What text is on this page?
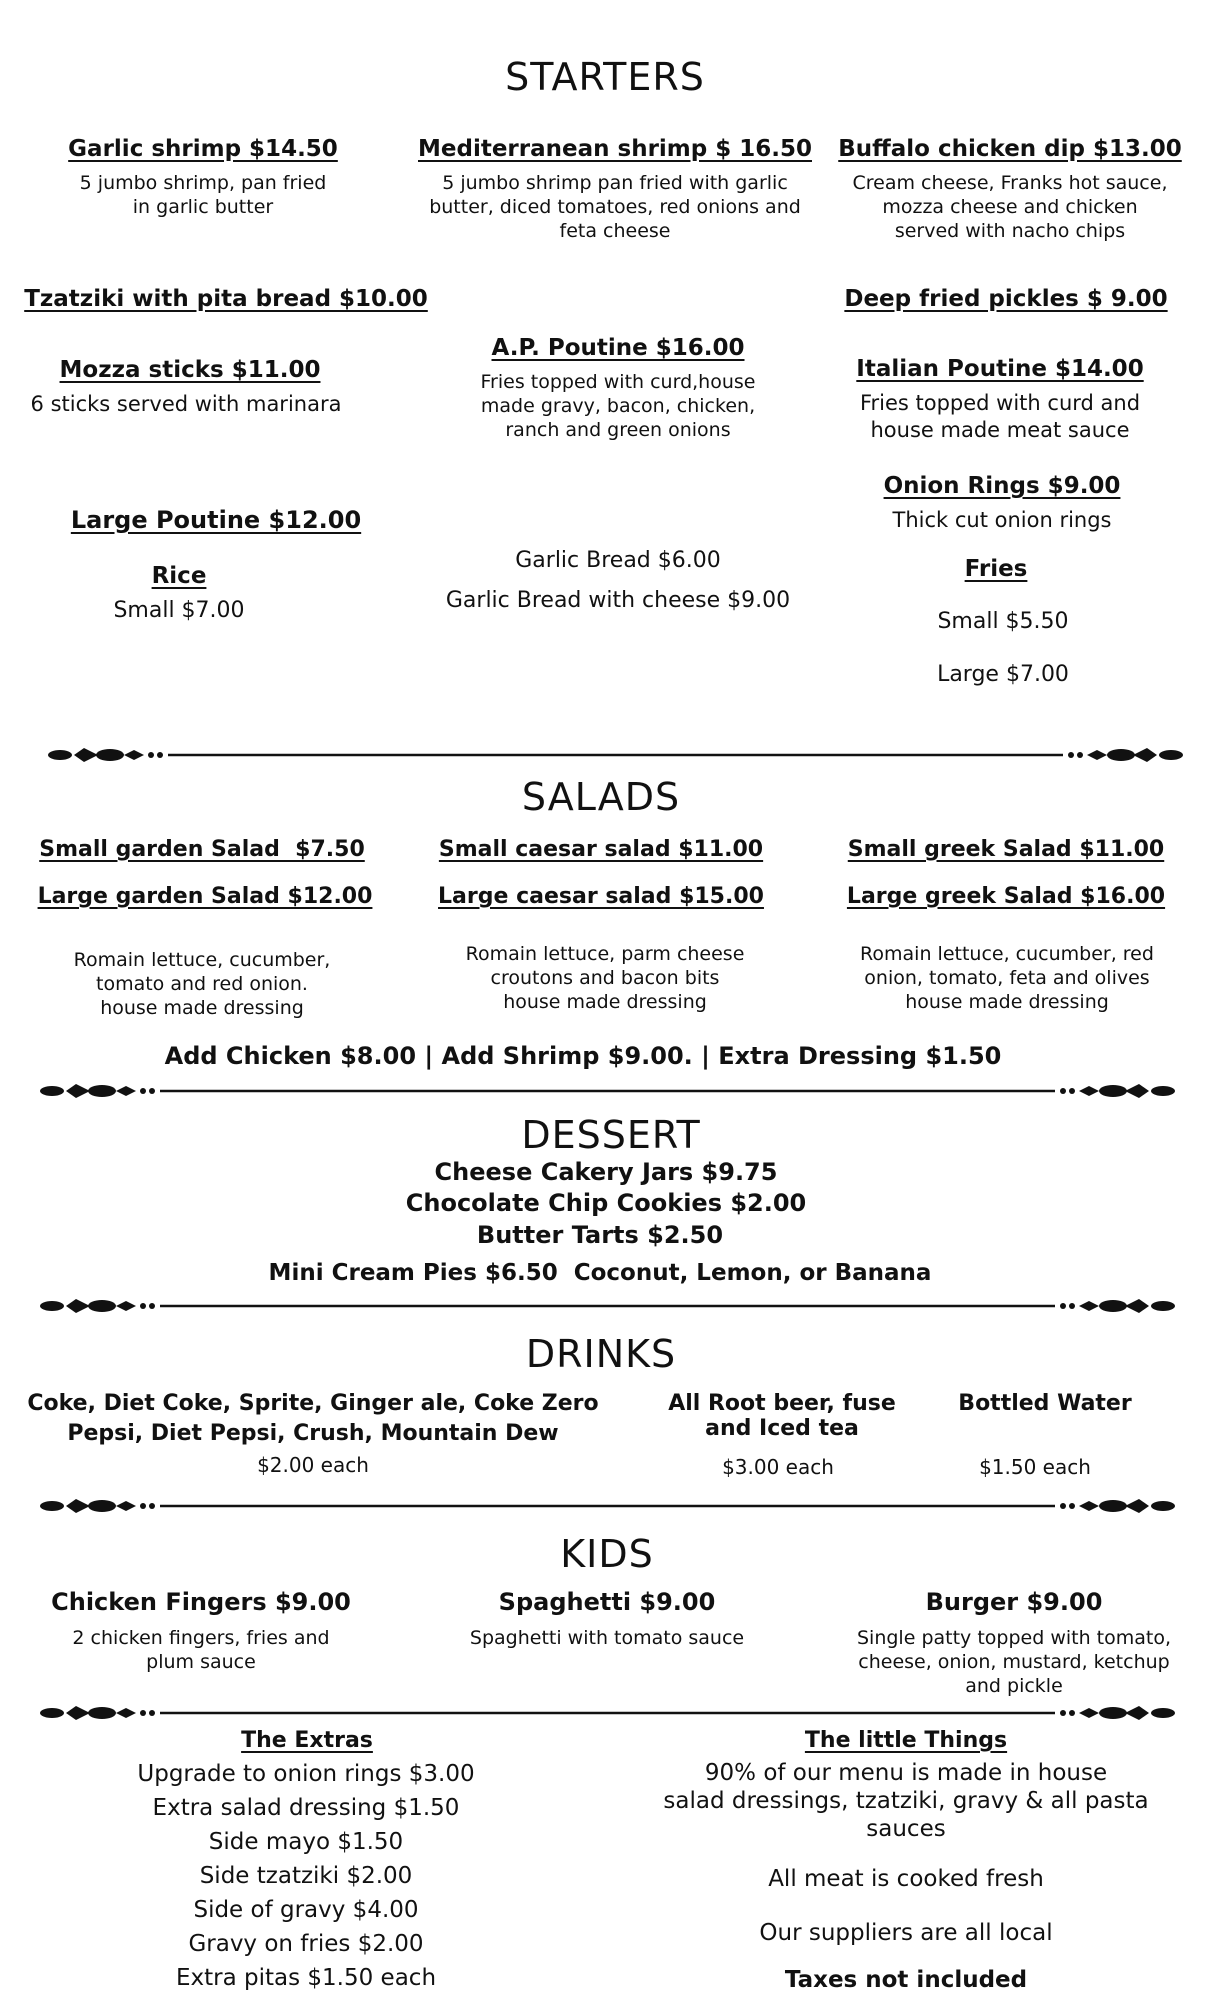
STARTERS
Garlic shrimp $14.50
5 jumbo shrimp, pan fried
in garlic butter
Mediterranean shrimp $ 16.50
5 jumbo shrimp pan fried with garlic
butter, diced tomatoes, red onions and
feta cheese
Buffalo chicken dip $13.00
Cream cheese, Franks hot sauce,
mozza cheese and chicken
served with nacho chips
Tzatziki with pita bread $10.00	Deep fried pickles $ 9.00
A.P. Poutine $16.00
Fries topped with curd,house
made gravy, bacon, chicken,
ranch and green onions
Mozza sticks $11.00
6 sticks served with marinara
Italian Poutine $14.00
Fries topped with curd and
house made meat sauce
Onion Rings $9.00
Thick cut onion rings
Large Poutine $12.00
Rice
Small $7.00
Garlic Bread $6.00
Garlic Bread with cheese $9.00
Fries
Small $5.50
Large $7.00
SALADS
Small garden Salad  $7.50
Large garden Salad $12.00
Romain lettuce, cucumber,
tomato and red onion.
house made dressing
Small caesar salad $11.00
Large caesar salad $15.00
Romain lettuce, parm cheese
croutons and bacon bits
house made dressing
Small greek Salad $11.00
Large greek Salad $16.00
Romain lettuce, cucumber, red
onion, tomato, feta and olives
house made dressing
Add Chicken $8.00 | Add Shrimp $9.00. | Extra Dressing $1.50
DESSERT
Cheese Cakery Jars $9.75
Chocolate Chip Cookies $2.00
Butter Tarts $2.50
Mini Cream Pies $6.50  Coconut, Lemon, or Banana
DRINKS
Coke, Diet Coke, Sprite, Ginger ale, Coke Zero
Pepsi, Diet Pepsi, Crush, Mountain Dew
$2.00 each
All Root beer, fuse
and Iced tea
$3.00 each
Bottled Water
$1.50 each
KIDS
Chicken Fingers $9.00
2 chicken fingers, fries and
plum sauce
Spaghetti $9.00
Spaghetti with tomato sauce
Burger $9.00
Single patty topped with tomato,
cheese, onion, mustard, ketchup
and pickle
The Extras
Upgrade to onion rings $3.00
Extra salad dressing $1.50
Side mayo $1.50
Side tzatziki $2.00
Side of gravy $4.00
Gravy on fries $2.00
Extra pitas $1.50 each
The little Things
90% of our menu is made in house
salad dressings, tzatziki, gravy & all pasta
sauces
All meat is cooked fresh
Our suppliers are all local
Taxes not included
